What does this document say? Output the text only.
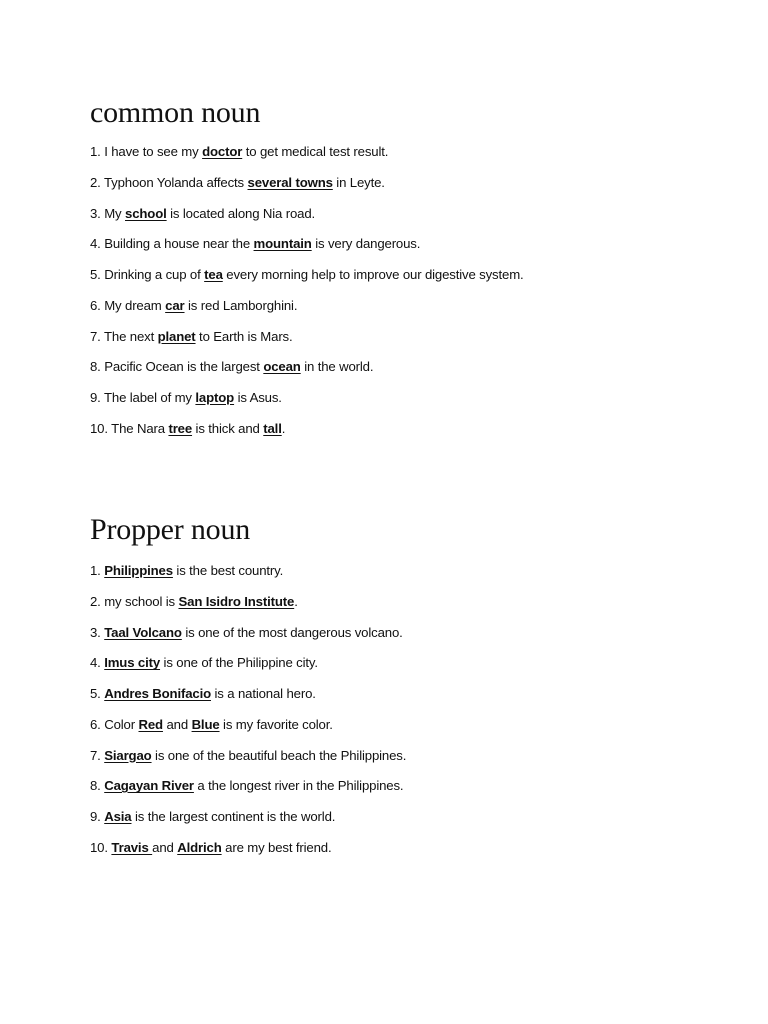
common noun
1. I have to see my doctor to get medical test result.
2. Typhoon Yolanda affects several towns in Leyte.
3. My school is located along Nia road.
4. Building a house near the mountain is very dangerous.
5. Drinking a cup of tea every morning help to improve our digestive system.
6. My dream car is red Lamborghini.
7. The next planet to Earth is Mars.
8. Pacific Ocean is the largest ocean in the world.
9. The label of my laptop is Asus.
10. The Nara tree is thick and tall.
Propper noun
1. Philippines is the best country.
2. my school is San Isidro Institute.
3. Taal Volcano is one of the most dangerous volcano.
4. Imus city is one of the Philippine city.
5. Andres Bonifacio is a national hero.
6. Color Red and Blue is my favorite color.
7. Siargao is one of the beautiful beach the Philippines.
8. Cagayan River a the longest river in the Philippines.
9. Asia is the largest continent is the world.
10. Travis and Aldrich are my best friend.
